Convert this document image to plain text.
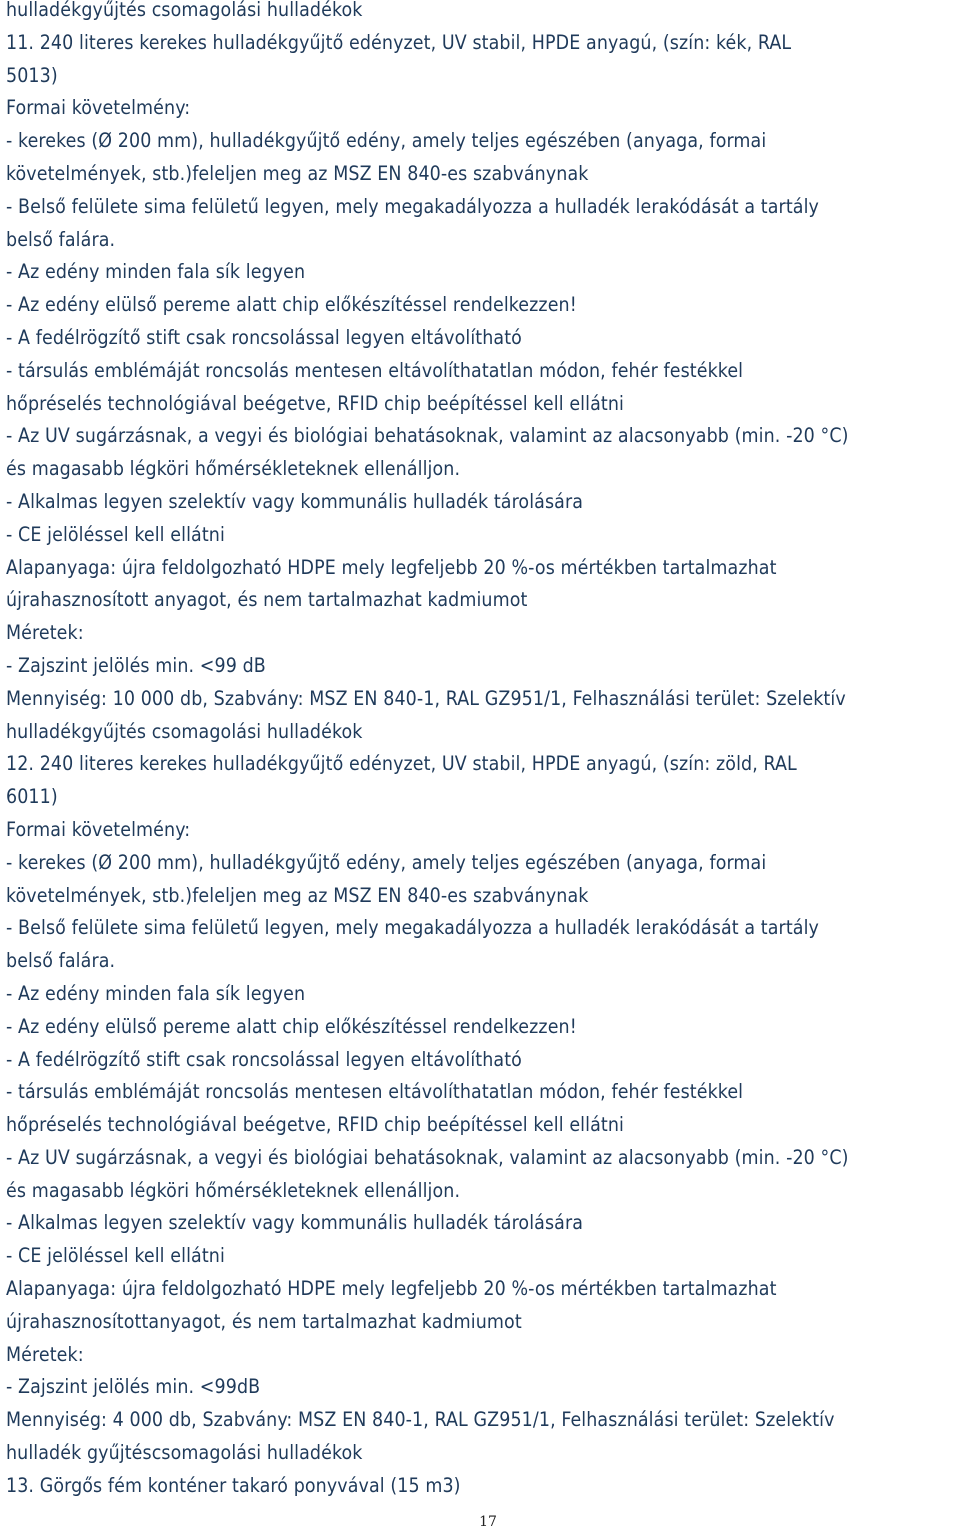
hulladékgyűjtés csomagolási hulladékok
11. 240 literes kerekes hulladékgyűjtő edényzet, UV stabil, HPDE anyagú, (szín: kék, RAL
5013)
Formai követelmény:
- kerekes (Ø 200 mm), hulladékgyűjtő edény, amely teljes egészében (anyaga, formai
követelmények, stb.)feleljen meg az MSZ EN 840-es szabványnak
- Belső felülete sima felületű legyen, mely megakadályozza a hulladék lerakódását a tartály
belső falára.
- Az edény minden fala sík legyen
- Az edény elülső pereme alatt chip előkészítéssel rendelkezzen!
- A fedélrögzítő stift csak roncsolással legyen eltávolítható
- társulás emblémáját roncsolás mentesen eltávolíthatatlan módon, fehér festékkel
hőpréselés technológiával beégetve, RFID chip beépítéssel kell ellátni
- Az UV sugárzásnak, a vegyi és biológiai behatásoknak, valamint az alacsonyabb (min. -20 °C)
és magasabb légköri hőmérsékleteknek ellenálljon.
- Alkalmas legyen szelektív vagy kommunális hulladék tárolására
- CE jelöléssel kell ellátni
Alapanyaga: újra feldolgozható HDPE mely legfeljebb 20 %-os mértékben tartalmazhat
újrahasznosított anyagot, és nem tartalmazhat kadmiumot
Méretek:
- Zajszint jelölés min. <99 dB
Mennyiség: 10 000 db, Szabvány: MSZ EN 840-1, RAL GZ951/1, Felhasználási terület: Szelektív
hulladékgyűjtés csomagolási hulladékok
12. 240 literes kerekes hulladékgyűjtő edényzet, UV stabil, HPDE anyagú, (szín: zöld, RAL
6011)
Formai követelmény:
- kerekes (Ø 200 mm), hulladékgyűjtő edény, amely teljes egészében (anyaga, formai
követelmények, stb.)feleljen meg az MSZ EN 840-es szabványnak
- Belső felülete sima felületű legyen, mely megakadályozza a hulladék lerakódását a tartály
belső falára.
- Az edény minden fala sík legyen
- Az edény elülső pereme alatt chip előkészítéssel rendelkezzen!
- A fedélrögzítő stift csak roncsolással legyen eltávolítható
- társulás emblémáját roncsolás mentesen eltávolíthatatlan módon, fehér festékkel
hőpréselés technológiával beégetve, RFID chip beépítéssel kell ellátni
- Az UV sugárzásnak, a vegyi és biológiai behatásoknak, valamint az alacsonyabb (min. -20 °C)
és magasabb légköri hőmérsékleteknek ellenálljon.
- Alkalmas legyen szelektív vagy kommunális hulladék tárolására
- CE jelöléssel kell ellátni
Alapanyaga: újra feldolgozható HDPE mely legfeljebb 20 %-os mértékben tartalmazhat
újrahasznosítottanyagot, és nem tartalmazhat kadmiumot
Méretek:
- Zajszint jelölés min. <99dB
Mennyiség: 4 000 db, Szabvány: MSZ EN 840-1, RAL GZ951/1, Felhasználási terület: Szelektív
hulladék gyűjtéscsomagolási hulladékok
13. Görgős fém konténer takaró ponyvával (15 m3)
17
